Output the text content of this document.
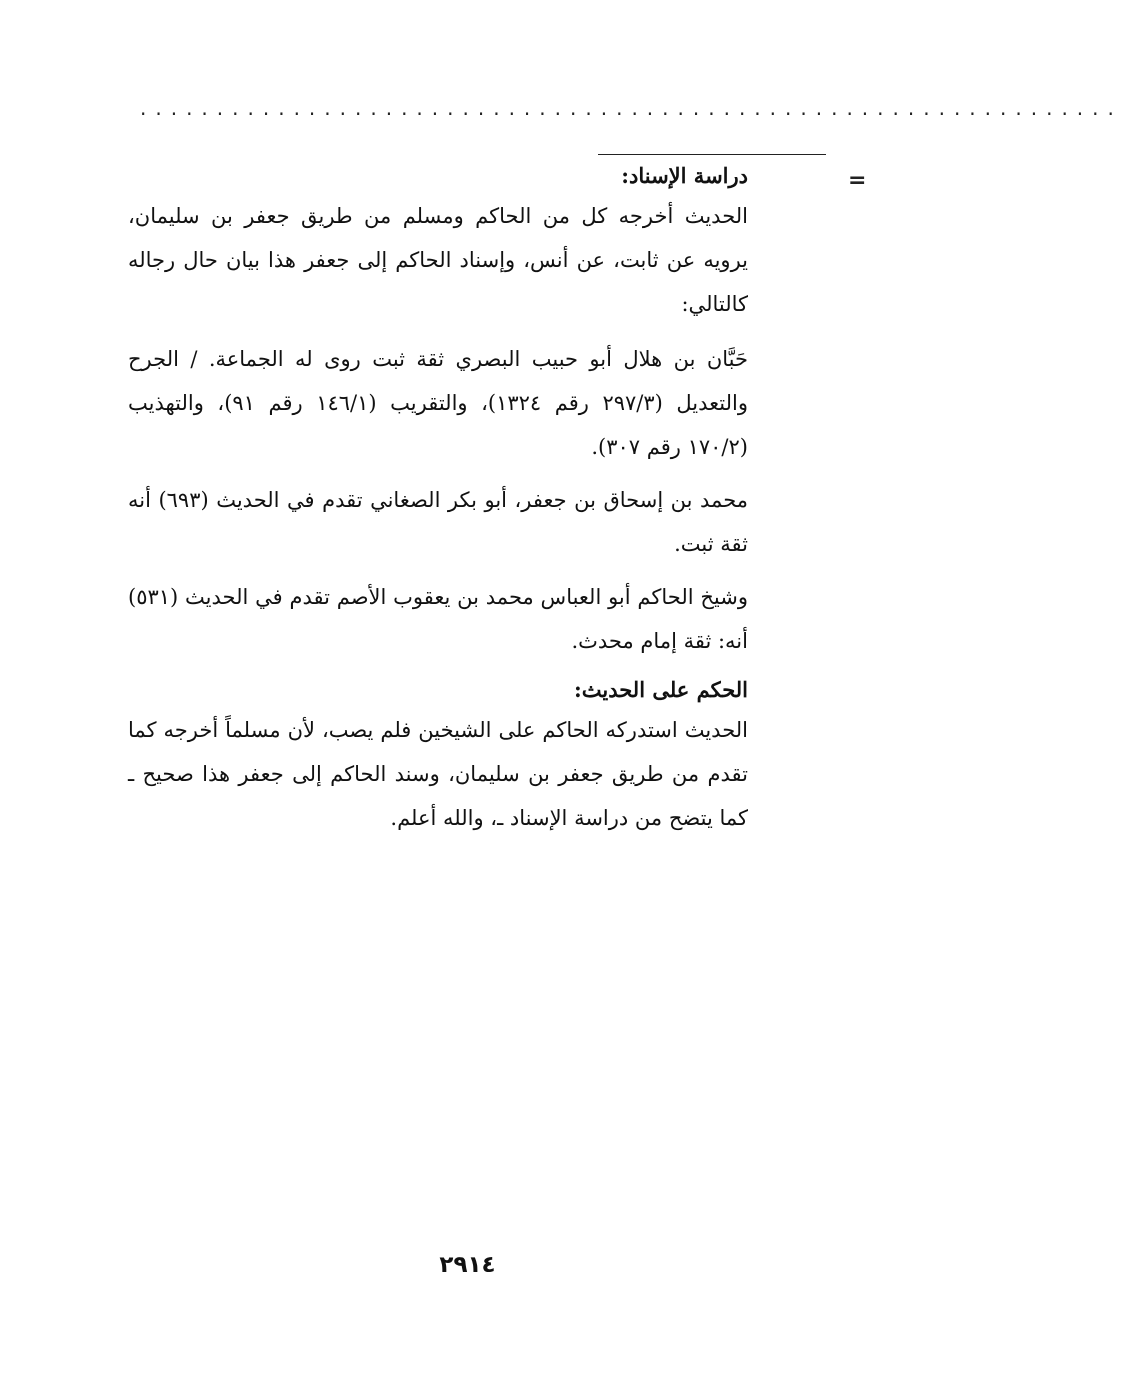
................................................................
=

دراسة الإسناد:

الحديث أخرجه كل من الحاكم ومسلم من طريق جعفر بن سليمان، يرويه عن ثابت، عن أنس، وإسناد الحاكم إلى جعفر هذا بيان حال رجاله كالتالي:

حَبَّان بن هلال أبو حبيب البصري ثقة ثبت روى له الجماعة. / الجرح والتعديل (٢٩٧/٣ رقم ١٣٢٤)، والتقريب (١٤٦/١ رقم ٩١)، والتهذيب (١٧٠/٢ رقم ٣٠٧).

محمد بن إسحاق بن جعفر، أبو بكر الصغاني تقدم في الحديث (٦٩٣) أنه ثقة ثبت.

وشيخ الحاكم أبو العباس محمد بن يعقوب الأصم تقدم في الحديث (٥٣١) أنه: ثقة إمام محدث.

الحكم على الحديث:

الحديث استدركه الحاكم على الشيخين فلم يصب، لأن مسلماً أخرجه كما تقدم من طريق جعفر بن سليمان، وسند الحاكم إلى جعفر هذا صحيح ـ كما يتضح من دراسة الإسناد ـ، والله أعلم.

٢٩١٤
